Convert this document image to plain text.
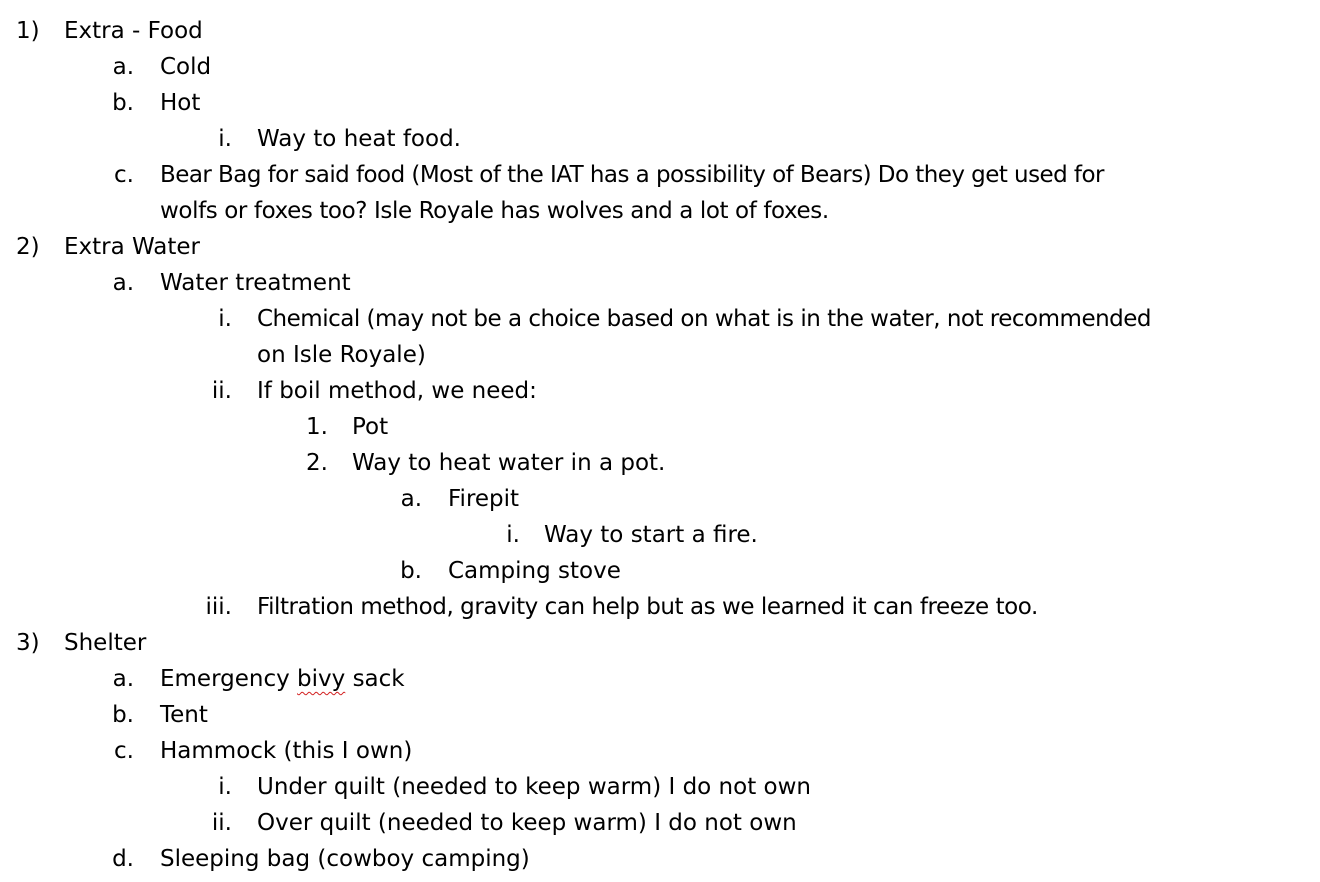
1) Extra - Food
a. Cold
b. Hot
i. Way to heat food.
c. Bear Bag for said food (Most of the IAT has a possibility of Bears) Do they get used for
wolfs or foxes too? Isle Royale has wolves and a lot of foxes.
2) Extra Water
a. Water treatment
i. Chemical (may not be a choice based on what is in the water, not recommended
on Isle Royale)
ii. If boil method, we need:
1. Pot
2. Way to heat water in a pot.
a. Firepit
i. Way to start a fire.
b. Camping stove
iii. Filtration method, gravity can help but as we learned it can freeze too.
3) Shelter
a. Emergency bivy sack
b. Tent
c. Hammock (this I own)
i. Under quilt (needed to keep warm) I do not own
ii. Over quilt (needed to keep warm) I do not own
d. Sleeping bag (cowboy camping)
